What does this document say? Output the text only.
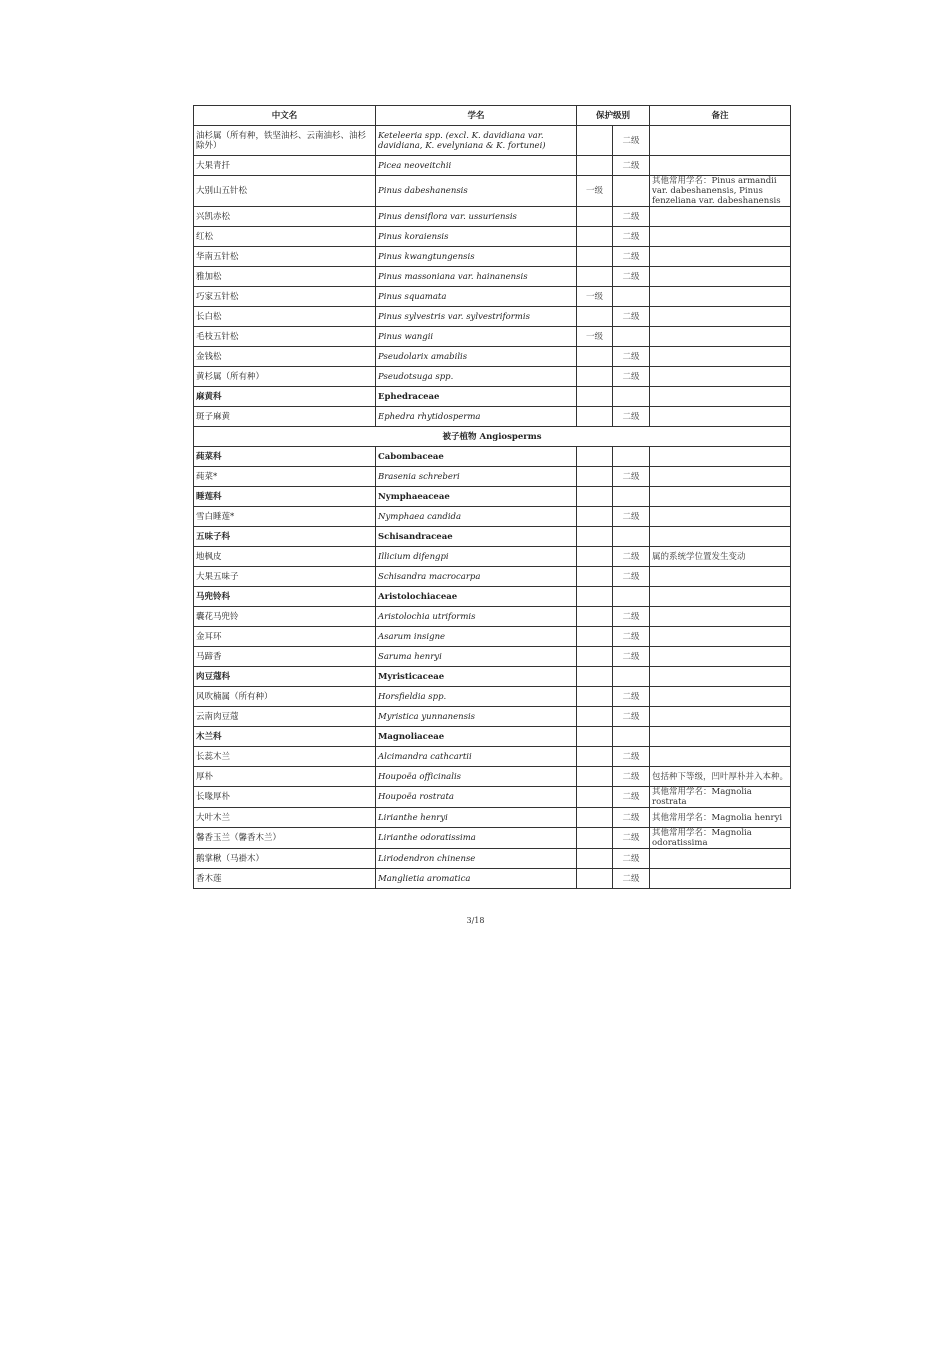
中文名	学名	保护级别		备注
油杉属（所有种，铁坚油杉、云南油杉、油杉除外）	Keteleeria spp. (excl. K. davidiana var. davidiana, K. evelyniana & K. fortunei)		二级	
大果青扦	Picea neoveitchii		二级	
大别山五针松	Pinus dabeshanensis	一级		其他常用学名：Pinus armandii var. dabeshanensis, Pinus fenzeliana var. dabeshanensis
兴凯赤松	Pinus densiflora var. ussuriensis		二级	
红松	Pinus koraiensis		二级	
华南五针松	Pinus kwangtungensis		二级	
雅加松	Pinus massoniana var. hainanensis		二级	
巧家五针松	Pinus squamata	一级		
长白松	Pinus sylvestris var. sylvestriformis		二级	
毛枝五针松	Pinus wangii	一级		
金钱松	Pseudolarix amabilis		二级	
黄杉属（所有种）	Pseudotsuga spp.		二级	
麻黄科	Ephedraceae			
斑子麻黄	Ephedra rhytidosperma		二级	
被子植物 Angiosperms				
莼菜科	Cabombaceae			
莼菜*	Brasenia schreberi		二级	
睡莲科	Nymphaeaceae			
雪白睡莲*	Nymphaea candida		二级	
五味子科	Schisandraceae			
地枫皮	Illicium difengpi		二级	属的系统学位置发生变动
大果五味子	Schisandra macrocarpa		二级	
马兜铃科	Aristolochiaceae			
囊花马兜铃	Aristolochia utriformis		二级	
金耳环	Asarum insigne		二级	
马蹄香	Saruma henryi		二级	
肉豆蔻科	Myristicaceae			
风吹楠属（所有种）	Horsfieldia spp.		二级	
云南肉豆蔻	Myristica yunnanensis		二级	
木兰科	Magnoliaceae			
长蕊木兰	Alcimandra cathcartii		二级	
厚朴	Houpoëa officinalis		二级	包括种下等级，凹叶厚朴并入本种。
长喙厚朴	Houpoëa rostrata		二级	其他常用学名：Magnolia rostrata
大叶木兰	Lirianthe henryi		二级	其他常用学名：Magnolia henryi
馨香玉兰（馨香木兰）	Lirianthe odoratissima		二级	其他常用学名：Magnolia odoratissima
鹅掌楸（马褂木）	Liriodendron chinense		二级	
香木莲	Manglietia aromatica		二级	
3/18
